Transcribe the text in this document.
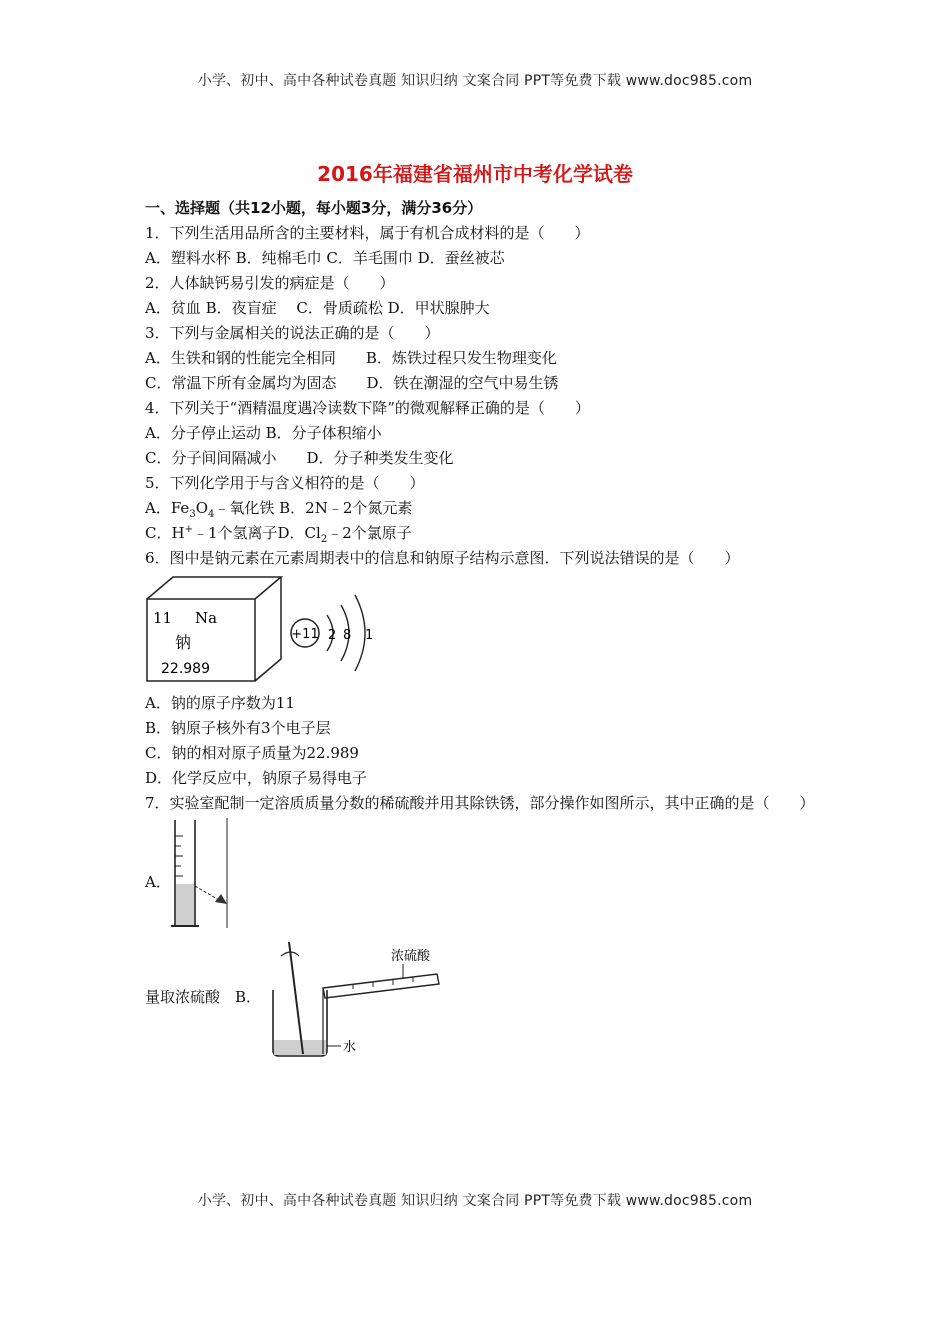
小学、初中、高中各种试卷真题 知识归纳 文案合同 PPT等免费下载 www.doc985.com
2016年福建省福州市中考化学试卷
一、选择题（共12小题，每小题3分，满分36分）
1．下列生活用品所含的主要材料，属于有机合成材料的是（　　）
A．塑料水杯 B．纯棉毛巾 C．羊毛围巾 D．蚕丝被芯
2．人体缺钙易引发的病症是（　　）
A．贫血 B．夜盲症　 C．骨质疏松 D．甲状腺肿大
3．下列与金属相关的说法正确的是（　　）
A．生铁和钢的性能完全相同　　B．炼铁过程只发生物理变化
C．常温下所有金属均为固态　　D．铁在潮湿的空气中易生锈
4．下列关于“酒精温度遇冷读数下降”的微观解释正确的是（　　）
A．分子停止运动 B．分子体积缩小
C．分子间间隔减小　　D．分子种类发生变化
5．下列化学用于与含义相符的是（　　）
A．$Fe_3O_4﹣$氧化铁 B．2N﹣2个氮元素
C．H+﹣1个氢离子D．$Cl_2﹣2$个氯原子
6．图中是钠元素在元素周期表中的信息和钠原子结构示意图．下列说法错误的是（　　）
11 Na
钠
22.989
+11 2 8 1
A．钠的原子序数为11
B．钠原子核外有3个电子层
C．钠的相对原子质量为22.989
D．化学反应中，钠原子易得电子
7．实验室配制一定溶质质量分数的稀硫酸并用其除铁锈，部分操作如图所示，其中正确的是（　　）
A．
量取浓硫酸　B．
浓硫酸
水
小学、初中、高中各种试卷真题 知识归纳 文案合同 PPT等免费下载 www.doc985.com
